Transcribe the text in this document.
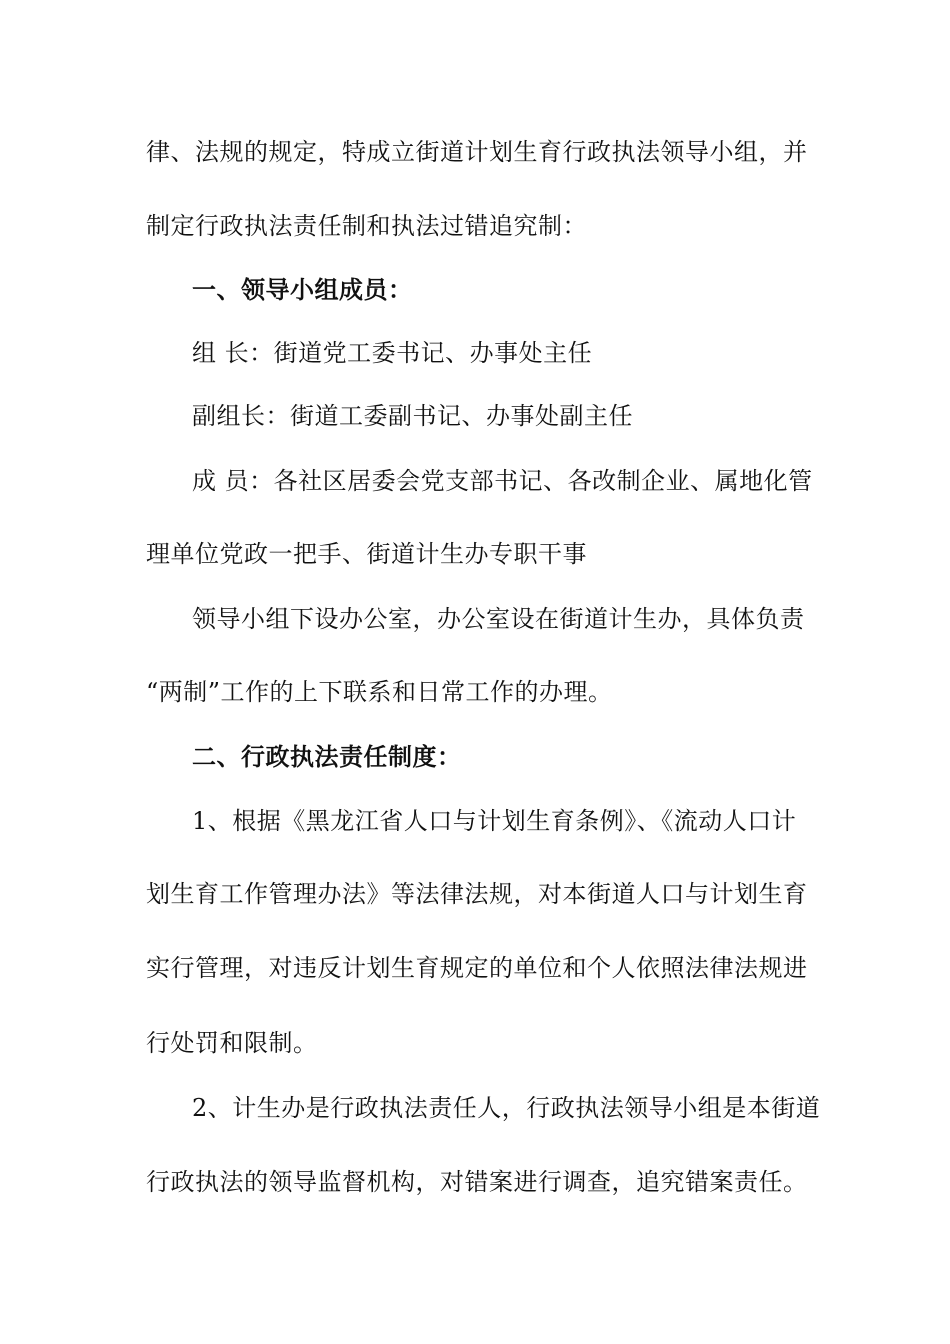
律、法规的规定，特成立街道计划生育行政执法领导小组，并
制定行政执法责任制和执法过错追究制：
一、领导小组成员：
组 长：街道党工委书记、办事处主任
副组长：街道工委副书记、办事处副主任
成 员：各社区居委会党支部书记、各改制企业、属地化管
理单位党政一把手、街道计生办专职干事
领导小组下设办公室，办公室设在街道计生办，具体负责
“两制”工作的上下联系和日常工作的办理。
二、行政执法责任制度：
1、根据《黑龙江省人口与计划生育条例》、《流动人口计
划生育工作管理办法》等法律法规，对本街道人口与计划生育
实行管理，对违反计划生育规定的单位和个人依照法律法规进
行处罚和限制。
2、计生办是行政执法责任人，行政执法领导小组是本街道
行政执法的领导监督机构，对错案进行调查，追究错案责任。
